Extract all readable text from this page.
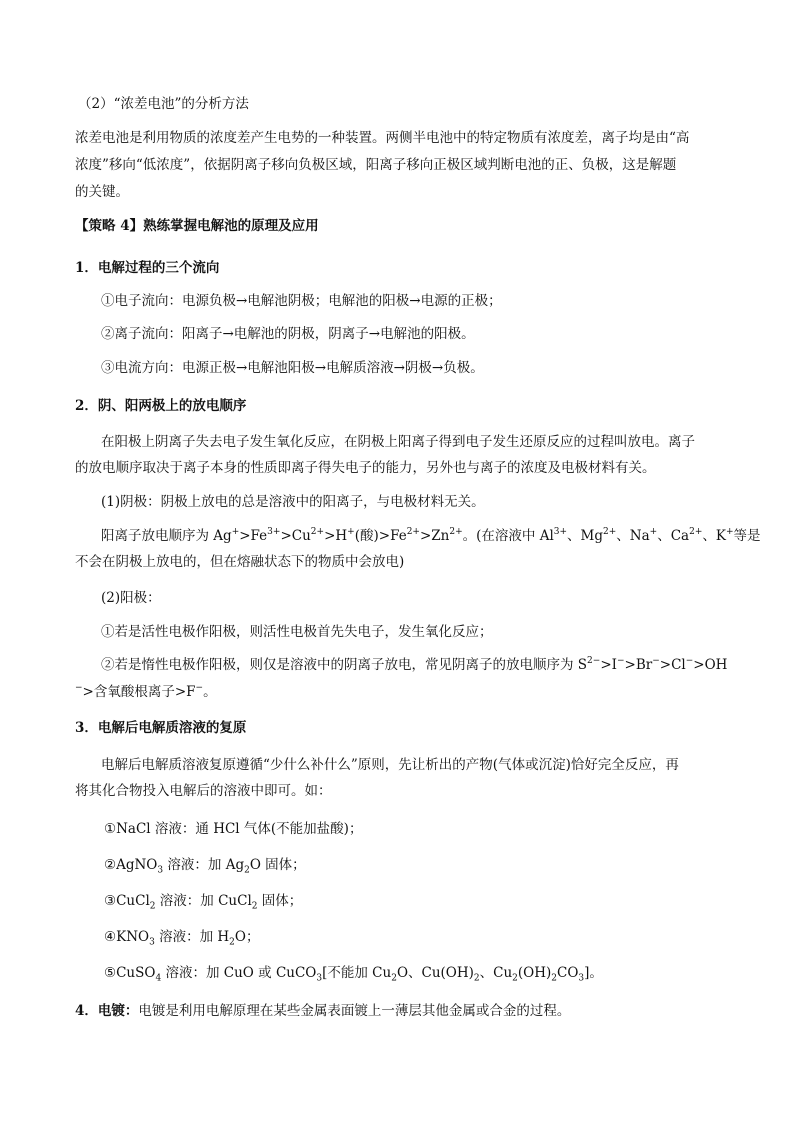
（2）“浓差电池”的分析方法
浓差电池是利用物质的浓度差产生电势的一种装置。两侧半电池中的特定物质有浓度差，离子均是由“高
浓度”移向“低浓度”，依据阴离子移向负极区域，阳离子移向正极区域判断电池的正、负极，这是解题
的关键。
【策略 4】熟练掌握电解池的原理及应用
1．电解过程的三个流向
①电子流向：电源负极→电解池阴极；电解池的阳极→电源的正极；
②离子流向：阳离子→电解池的阴极，阴离子→电解池的阳极。
③电流方向：电源正极→电解池阳极→电解质溶液→阴极→负极。
2．阴、阳两极上的放电顺序
在阳极上阴离子失去电子发生氧化反应，在阴极上阳离子得到电子发生还原反应的过程叫放电。离子
的放电顺序取决于离子本身的性质即离子得失电子的能力，另外也与离子的浓度及电极材料有关。
(1)阴极：阴极上放电的总是溶液中的阳离子，与电极材料无关。
阳离子放电顺序为 $Ag^+>Fe^{3+}>Cu^{2+}>H^+$(酸)$>Fe^{2+}>Zn^{2+}$。(在溶液中 $Al^{3+}$、$Mg^{2+}$、Na+、$Ca^{2+}$、K+等是
不会在阴极上放电的，但在熔融状态下的物质中会放电)
(2)阳极：
①若是活性电极作阳极，则活性电极首先失电子，发生氧化反应；
②若是惰性电极作阳极，则仅是溶液中的阴离子放电，常见阴离子的放电顺序为 $S^{2-}>I^->Br^->Cl^->OH$
−>含氧酸根离子>F−。
3．电解后电解质溶液的复原
电解后电解质溶液复原遵循“少什么补什么”原则，先让析出的产物(气体或沉淀)恰好完全反应，再
将其化合物投入电解后的溶液中即可。如：
①NaCl 溶液：通 HCl 气体(不能加盐酸)；
②AgNO$_3$ 溶液：加 $Ag_2O$ 固体；
③CuCl$_2$ 溶液：加 CuCl$_2$ 固体；
$④KNO_3$ 溶液：加 $H_2O$；
⑤CuSO$_4$ 溶液：加 CuO 或 CuCO$_3$[不能加 $Cu_2O$、$Cu(OH)_2$、$Cu_2(OH)_2CO_3$]。
4．电镀：电镀是利用电解原理在某些金属表面镀上一薄层其他金属或合金的过程。
